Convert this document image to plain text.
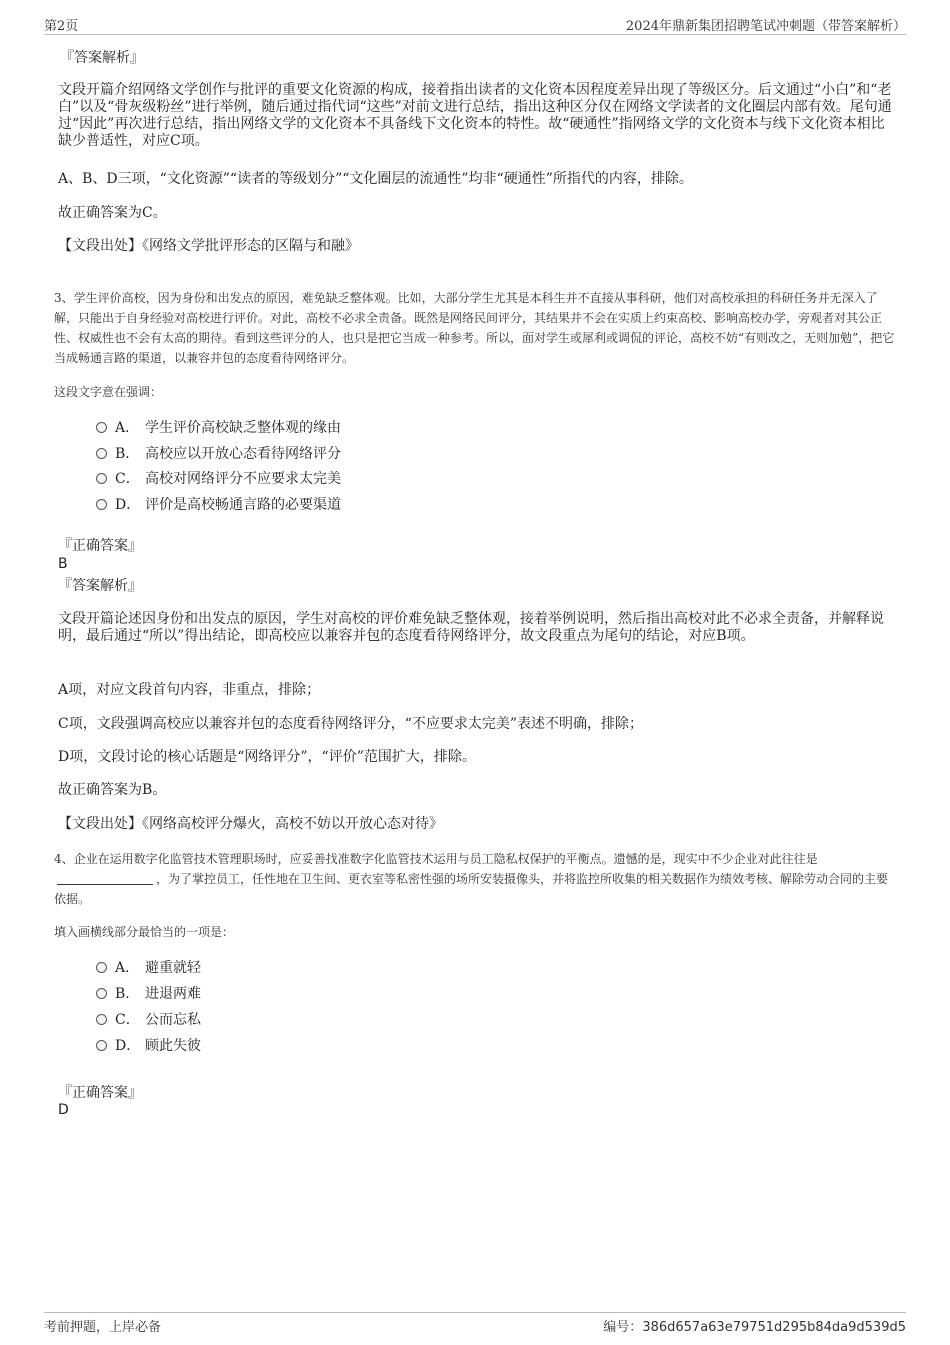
第2页	2024年鼎新集团招聘笔试冲刺题（带答案解析）
『答案解析』

文段开篇介绍网络文学创作与批评的重要文化资源的构成，接着指出读者的文化资本因程度差异出现了等级区分。后文通过“小白”和“老白”以及“骨灰级粉丝”进行举例，随后通过指代词“这些”对前文进行总结，指出这种区分仅在网络文学读者的文化圈层内部有效。尾句通过“因此”再次进行总结，指出网络文学的文化资本不具备线下文化资本的特性。故“硬通性”指网络文学的文化资本与线下文化资本相比缺少普适性，对应C项。

A、B、D三项，“文化资源”“读者的等级划分”“文化圈层的流通性”均非“硬通性”所指代的内容，排除。

故正确答案为C。

【文段出处】《网络文学批评形态的区隔与和融》

3、学生评价高校，因为身份和出发点的原因，难免缺乏整体观。比如，大部分学生尤其是本科生并不直接从事科研，他们对高校承担的科研任务并无深入了解，只能出于自身经验对高校进行评价。对此，高校不必求全责备。既然是网络民间评分，其结果并不会在实质上约束高校、影响高校办学，旁观者对其公正性、权威性也不会有太高的期待。看到这些评分的人，也只是把它当成一种参考。所以，面对学生或犀利或调侃的评论，高校不妨“有则改之，无则加勉”，把它当成畅通言路的渠道，以兼容并包的态度看待网络评分。

这段文字意在强调：

A． 学生评价高校缺乏整体观的缘由
B． 高校应以开放心态看待网络评分
C． 高校对网络评分不应要求太完美
D． 评价是高校畅通言路的必要渠道
『正确答案』
B
『答案解析』

文段开篇论述因身份和出发点的原因，学生对高校的评价难免缺乏整体观，接着举例说明，然后指出高校对此不必求全责备，并解释说明，最后通过“所以”得出结论，即高校应以兼容并包的态度看待网络评分，故文段重点为尾句的结论，对应B项。

A项，对应文段首句内容，非重点，排除；

C项，文段强调高校应以兼容并包的态度看待网络评分，“不应要求太完美”表述不明确，排除；

D项，文段讨论的核心话题是“网络评分”，“评价”范围扩大，排除。

故正确答案为B。

【文段出处】《网络高校评分爆火，高校不妨以开放心态对待》

4、企业在运用数字化监管技术管理职场时，应妥善找准数字化监管技术运用与员工隐私权保护的平衡点。遗憾的是，现实中不少企业对此往往是，为了掌控员工，任性地在卫生间、更衣室等私密性强的场所安装摄像头，并将监控所收集的相关数据作为绩效考核、解除劳动合同的主要依据。

填入画横线部分最恰当的一项是：

A． 避重就轻
B． 进退两难
C． 公而忘私
D． 顾此失彼
『正确答案』
D
考前押题，上岸必备	编号：386d657a63e79751d295b84da9d539d5
